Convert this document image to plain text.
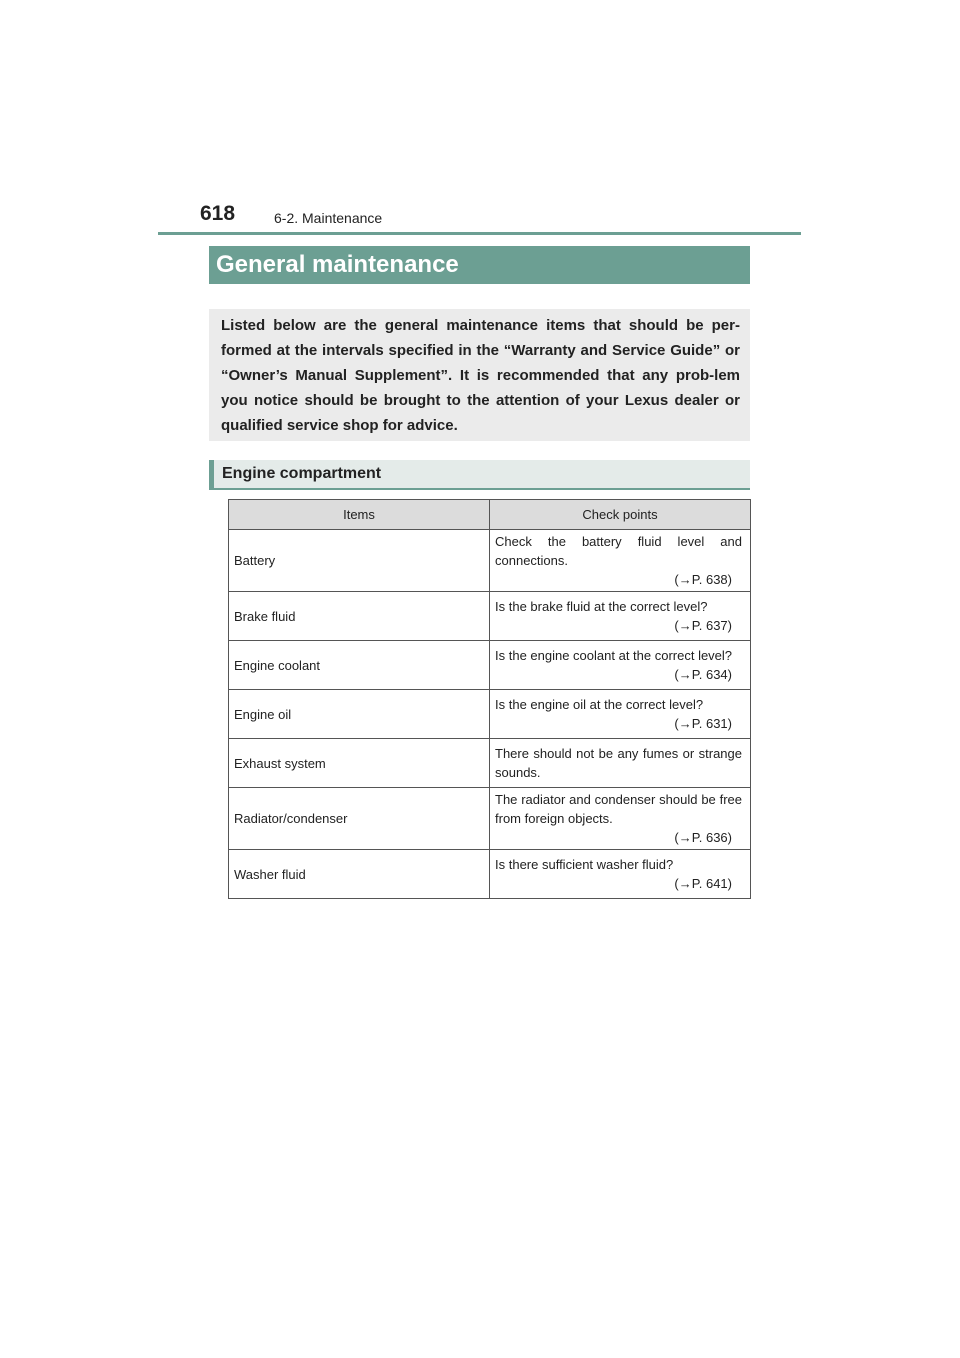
618	6-2. Maintenance
General maintenance

Listed below are the general maintenance items that should be per-formed at the intervals specified in the “Warranty and Service Guide” or “Owner’s Manual Supplement”. It is recommended that any prob-lem you notice should be brought to the attention of your Lexus dealer or qualified service shop for advice.

Engine compartment
Items	Check points
Battery	Check the battery fluid level and connections.
(→P. 638)

Brake fluid	Is the brake fluid at the correct level?
(→P. 637)

Engine coolant	Is the engine coolant at the correct level?
(→P. 634)

Engine oil	Is the engine oil at the correct level?
(→P. 631)

Exhaust system	There should not be any fumes or strange sounds.

Radiator/condenser	The radiator and condenser should be free from foreign objects.
(→P. 636)

Washer fluid	Is there sufficient washer fluid?
(→P. 641)
